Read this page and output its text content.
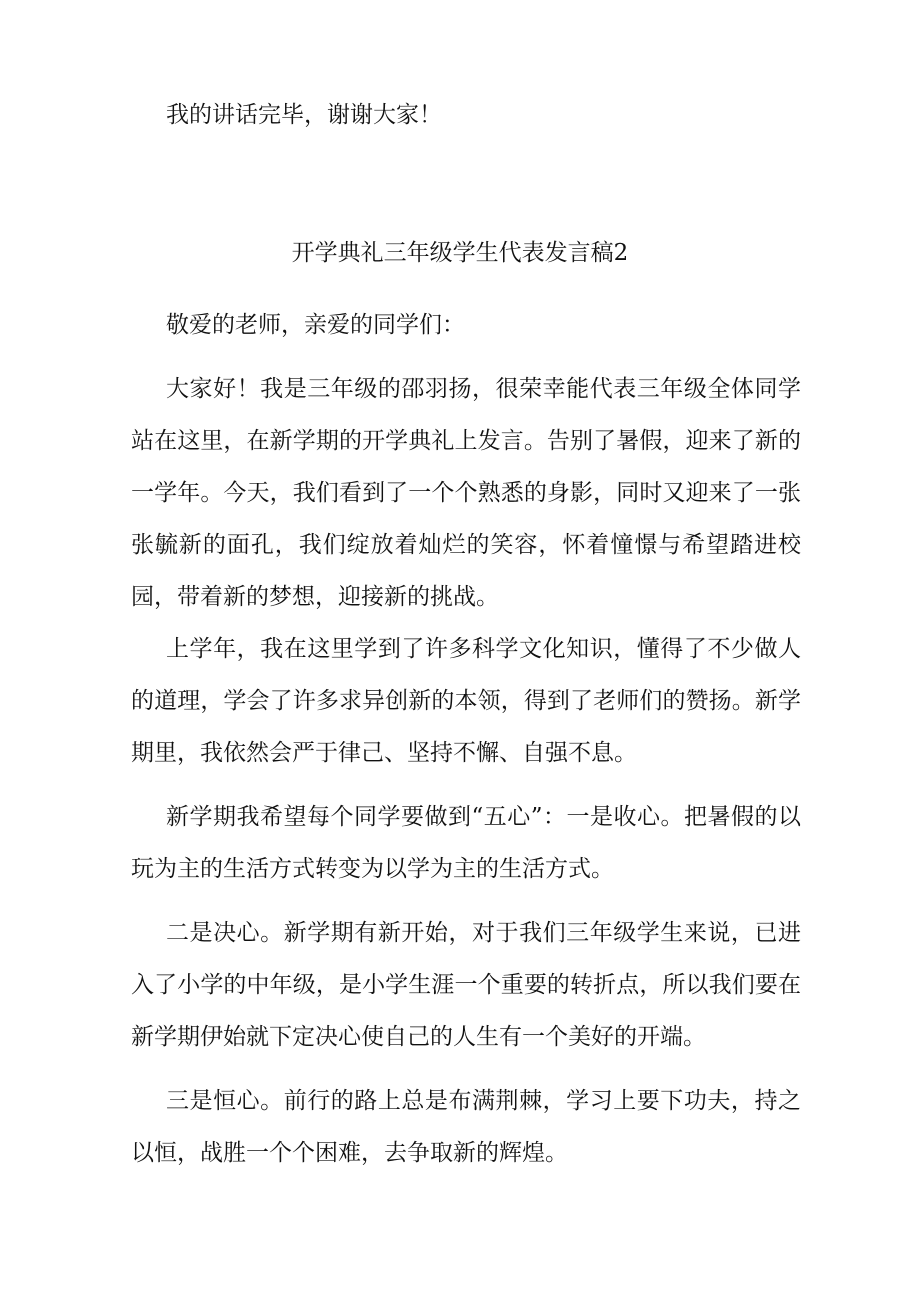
我的讲话完毕，谢谢大家！

开学典礼三年级学生代表发言稿2

敬爱的老师，亲爱的同学们：

大家好！我是三年级的邵羽扬，很荣幸能代表三年级全体同学站在这里，在新学期的开学典礼上发言。告别了暑假，迎来了新的一学年。今天，我们看到了一个个熟悉的身影，同时又迎来了一张张毓新的面孔，我们绽放着灿烂的笑容，怀着憧憬与希望踏进校园，带着新的梦想，迎接新的挑战。

上学年，我在这里学到了许多科学文化知识，懂得了不少做人的道理，学会了许多求异创新的本领，得到了老师们的赞扬。新学期里，我依然会严于律己、坚持不懈、自强不息。

新学期我希望每个同学要做到“五心”：一是收心。把暑假的以玩为主的生活方式转变为以学为主的生活方式。

二是决心。新学期有新开始，对于我们三年级学生来说，已进入了小学的中年级，是小学生涯一个重要的转折点，所以我们要在新学期伊始就下定决心使自己的人生有一个美好的开端。

三是恒心。前行的路上总是布满荆棘，学习上要下功夫，持之以恒，战胜一个个困难，去争取新的辉煌。
